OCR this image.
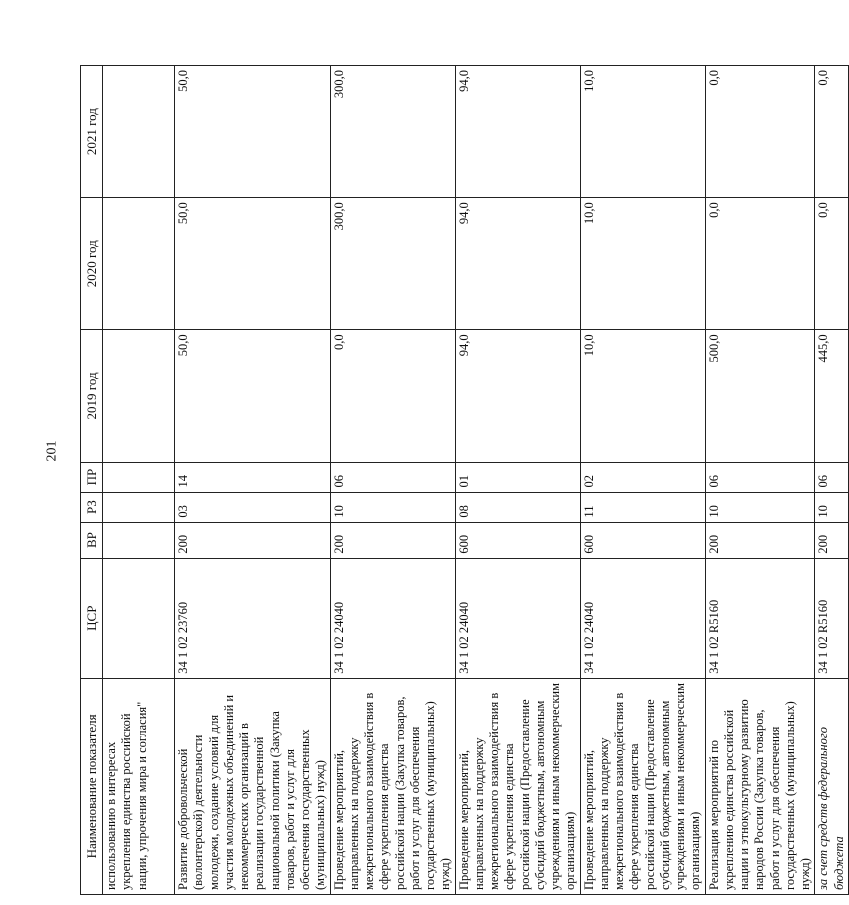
201
Наименование показателя	ЦСР	ВР	РЗ	ПР	2019 год	2020 год	2021 год
использованию в интересах укрепления единства российской нации, упрочения мира и согласия"							
Развитие добровольческой (волонтерской) деятельности молодежи, создание условий для участия молодежных объединений и некоммерческих организаций в реализации государственной национальной политики (Закупка товаров, работ и услуг для обеспечения государственных (муниципальных) нужд)	34 1 02 23760	200	03	14	50,0	50,0	50,0
Проведение мероприятий, направленных на поддержку межрегионального взаимодействия в сфере укрепления единства российской нации (Закупка товаров, работ и услуг для обеспечения государственных (муниципальных) нужд)	34 1 02 24040	200	10	06	0,0	300,0	300,0
Проведение мероприятий, направленных на поддержку межрегионального взаимодействия в сфере укрепления единства российской нации (Предоставление субсидий бюджетным, автономным учреждениям и иным некоммерческим организациям)	34 1 02 24040	600	08	01	94,0	94,0	94,0
Проведение мероприятий, направленных на поддержку межрегионального взаимодействия в сфере укрепления единства российской нации (Предоставление субсидий бюджетным, автономным учреждениям и иным некоммерческим организациям)	34 1 02 24040	600	11	02	10,0	10,0	10,0
Реализация мероприятий по укреплению единства российской нации и этнокультурному развитию народов России (Закупка товаров, работ и услуг для обеспечения государственных (муниципальных) нужд)	34 1 02 R5160	200	10	06	500,0	0,0	0,0
за счет средств федерального бюджета	34 1 02 R5160	200	10	06	445,0	0,0	0,0
